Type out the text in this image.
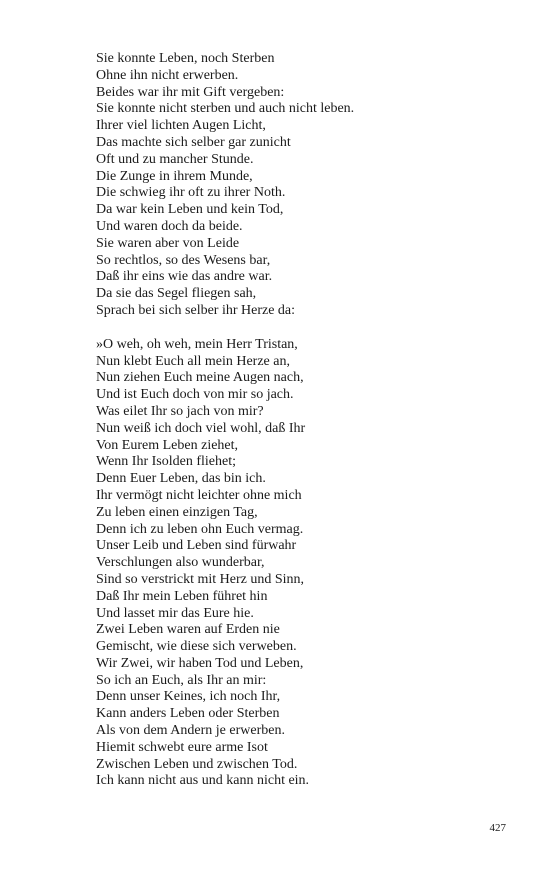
Sie konnte Leben, noch Sterben
Ohne ihn nicht erwerben.
Beides war ihr mit Gift vergeben:
Sie konnte nicht sterben und auch nicht leben.
Ihrer viel lichten Augen Licht,
Das machte sich selber gar zunicht
Oft und zu mancher Stunde.
Die Zunge in ihrem Munde,
Die schwieg ihr oft zu ihrer Noth.
Da war kein Leben und kein Tod,
Und waren doch da beide.
Sie waren aber von Leide
So rechtlos, so des Wesens bar,
Daß ihr eins wie das andre war.
Da sie das Segel fliegen sah,
Sprach bei sich selber ihr Herze da:
»O weh, oh weh, mein Herr Tristan,
Nun klebt Euch all mein Herze an,
Nun ziehen Euch meine Augen nach,
Und ist Euch doch von mir so jach.
Was eilet Ihr so jach von mir?
Nun weiß ich doch viel wohl, daß Ihr
Von Eurem Leben ziehet,
Wenn Ihr Isolden fliehet;
Denn Euer Leben, das bin ich.
Ihr vermögt nicht leichter ohne mich
Zu leben einen einzigen Tag,
Denn ich zu leben ohn Euch vermag.
Unser Leib und Leben sind fürwahr
Verschlungen also wunderbar,
Sind so verstrickt mit Herz und Sinn,
Daß Ihr mein Leben führet hin
Und lasset mir das Eure hie.
Zwei Leben waren auf Erden nie
Gemischt, wie diese sich verweben.
Wir Zwei, wir haben Tod und Leben,
So ich an Euch, als Ihr an mir:
Denn unser Keines, ich noch Ihr,
Kann anders Leben oder Sterben
Als von dem Andern je erwerben.
Hiemit schwebt eure arme Isot
Zwischen Leben und zwischen Tod.
Ich kann nicht aus und kann nicht ein.
427
